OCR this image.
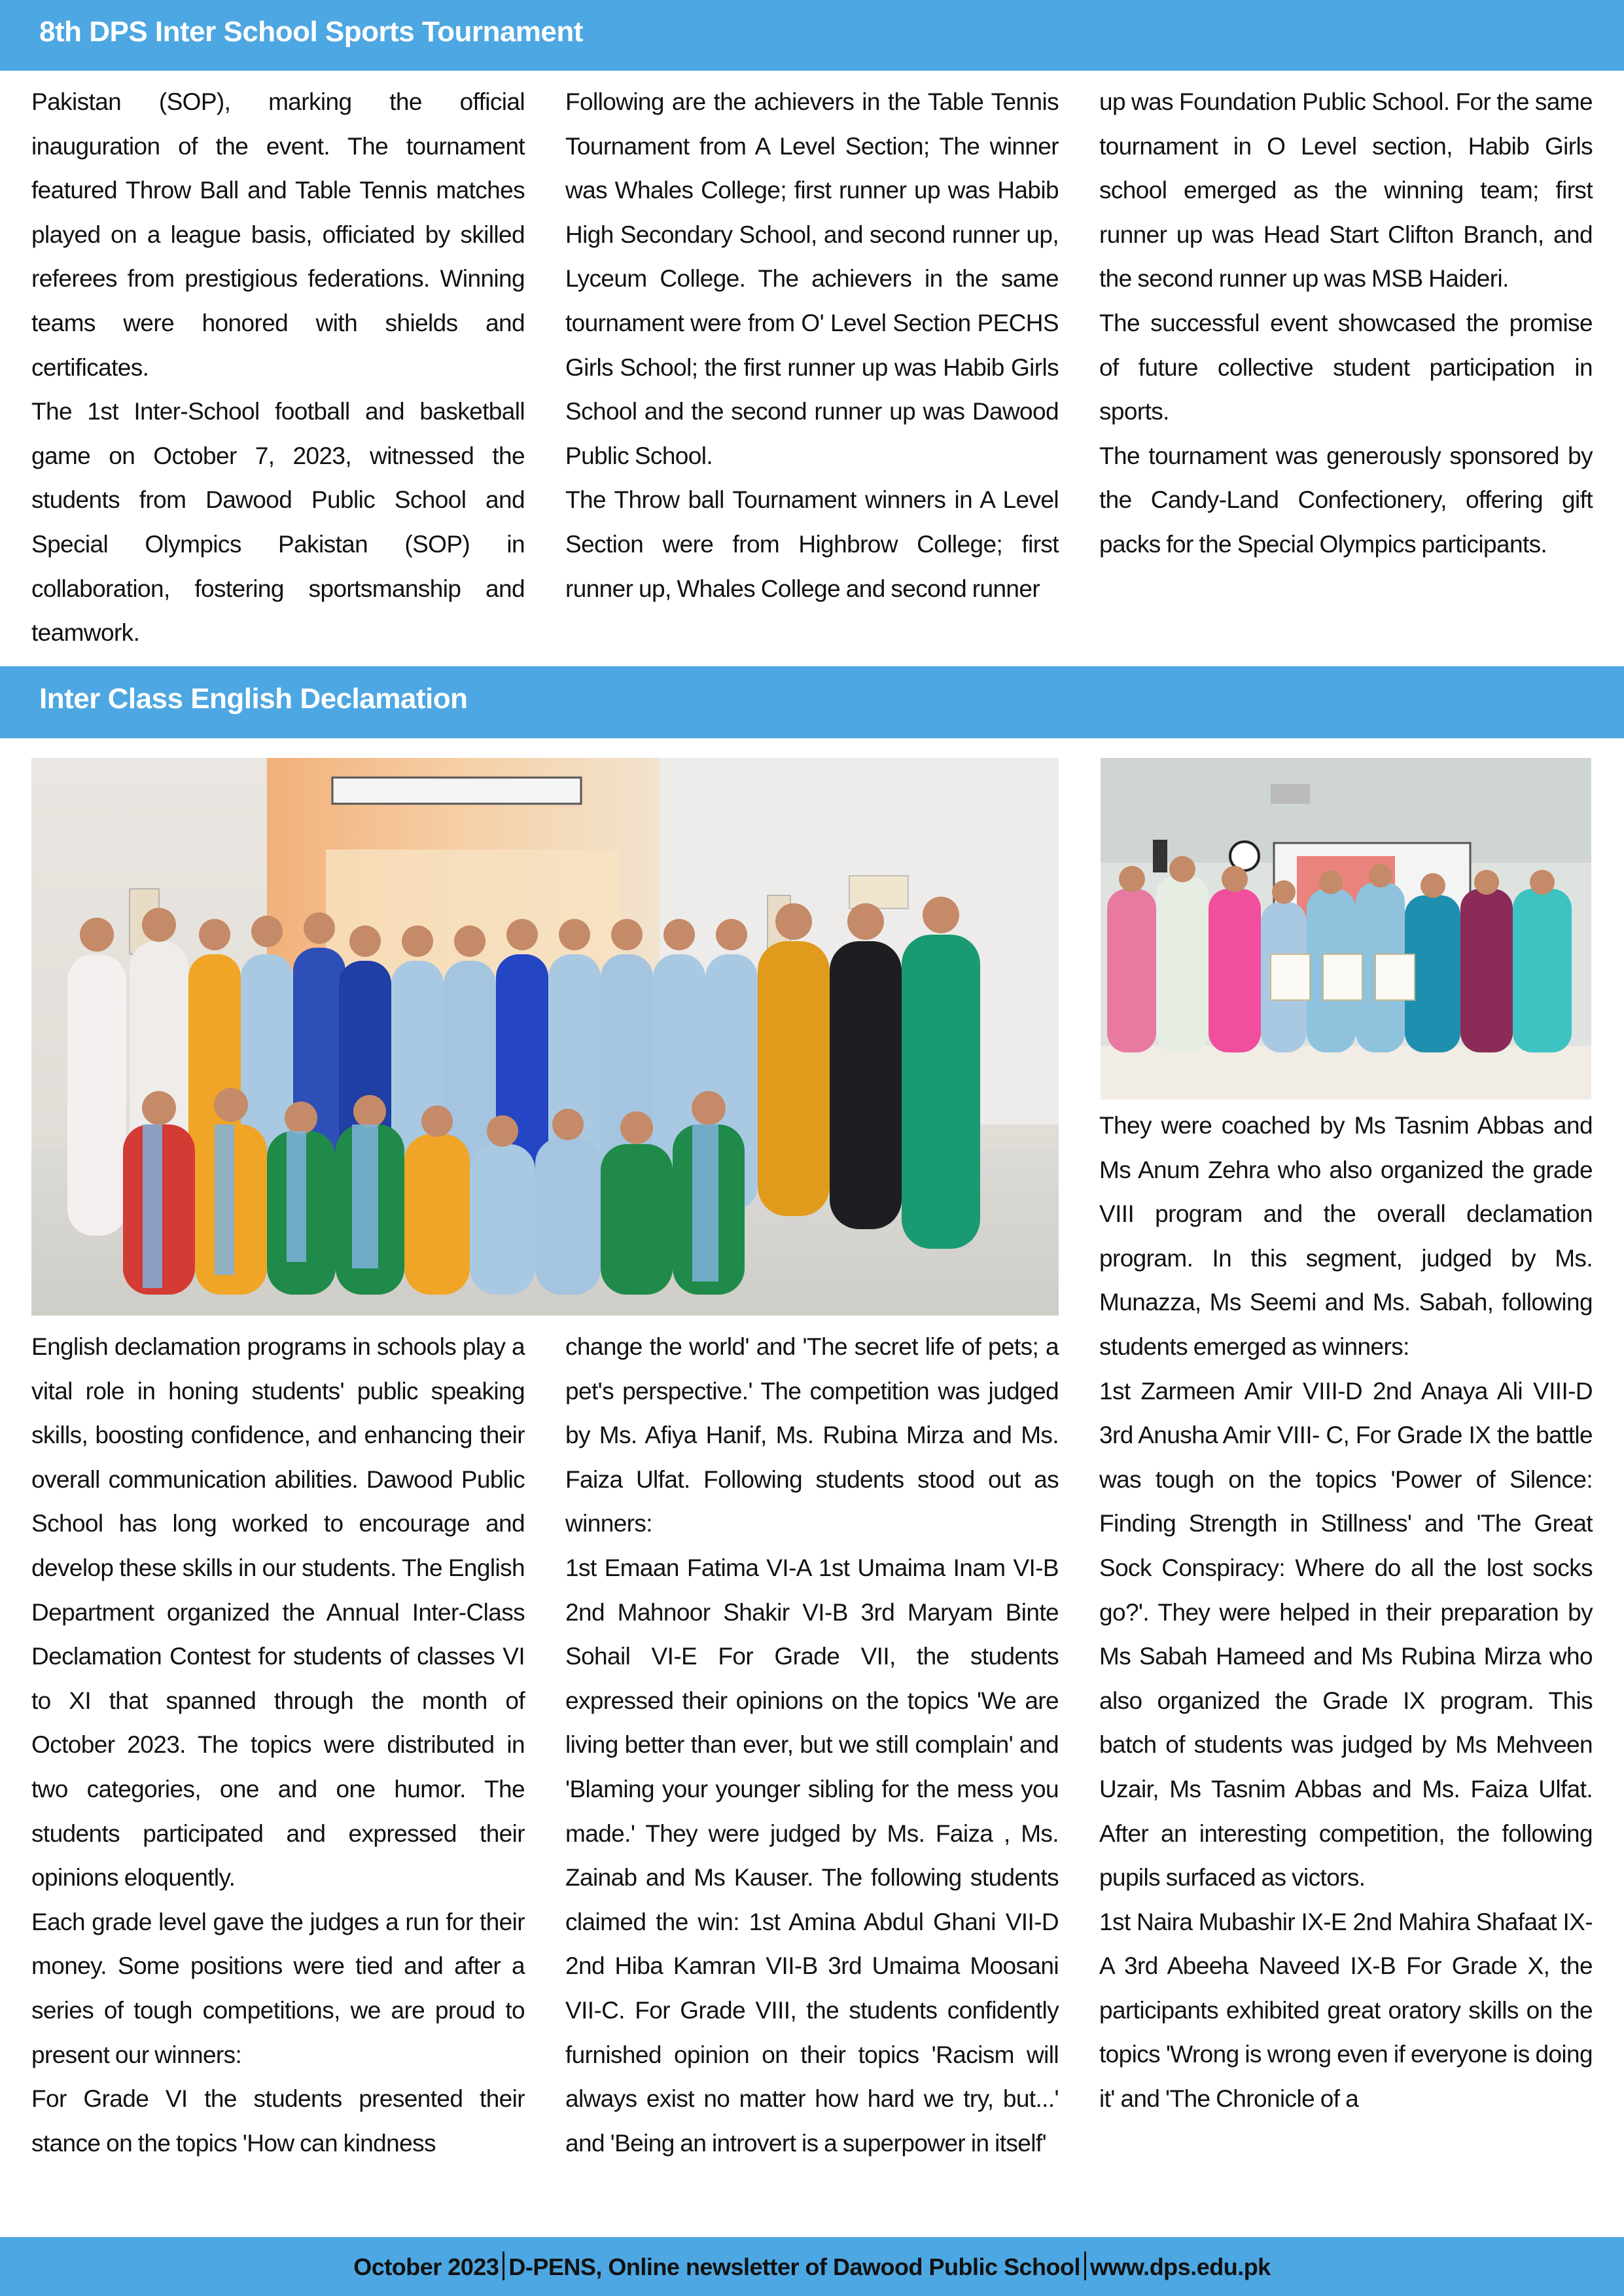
8th DPS Inter School Sports Tournament

Pakistan (SOP), marking the official inauguration of the event. The tournament featured Throw Ball and Table Tennis matches played on a league basis, officiated by skilled referees from prestigious federations. Winning teams were honored with shields and certificates.

The 1st Inter-School football and basketball game on October 7, 2023, witnessed the students from Dawood Public School and Special Olympics Pakistan (SOP) in collaboration, fostering sportsmanship and teamwork.

Following are the achievers in the Table Tennis Tournament from A Level Section; The winner was Whales College; first runner up was Habib High Secondary School, and second runner up, Lyceum College. The achievers in the same tournament were from O' Level Section PECHS Girls School; the first runner up was Habib Girls School and the second runner up was Dawood Public School.

The Throw ball Tournament winners in A Level Section were from Highbrow College; first runner up, Whales College and second runner

up was Foundation Public School. For the same tournament in O Level section, Habib Girls school emerged as the winning team; first runner up was Head Start Clifton Branch, and the second runner up was MSB Haideri.

The successful event showcased the promise of future collective student participation in sports.

The tournament was generously sponsored by the Candy-Land Confectionery, offering gift packs for the Special Olympics participants.

Inter Class English Declamation

English declamation programs in schools play a vital role in honing students' public speaking skills, boosting confidence, and enhancing their overall communication abilities. Dawood Public School has long worked to encourage and develop these skills in our students. The English Department organized the Annual Inter-Class Declamation Contest for students of classes VI to XI that spanned through the month of October 2023. The topics were distributed in two categories, one and one humor. The students participated and expressed their opinions eloquently.

Each grade level gave the judges a run for their money. Some positions were tied and after a series of tough competitions, we are proud to present our winners:

For Grade VI the students presented their stance on the topics 'How can kindness

change the world' and 'The secret life of pets; a pet's perspective.' The competition was judged by Ms. Afiya Hanif, Ms. Rubina Mirza and Ms. Faiza Ulfat. Following students stood out as winners:

1st Emaan Fatima VI-A 1st Umaima Inam VI-B 2nd Mahnoor Shakir VI-B 3rd Maryam Binte Sohail VI-E For Grade VII, the students expressed their opinions on the topics 'We are living better than ever, but we still complain' and 'Blaming your younger sibling for the mess you made.' They were judged by Ms. Faiza , Ms. Zainab and Ms Kauser. The following students claimed the win: 1st Amina Abdul Ghani VII-D 2nd Hiba Kamran VII-B 3rd Umaima Moosani VII-C. For Grade VIII, the students confidently furnished opinion on their topics 'Racism will always exist no matter how hard we try, but...' and 'Being an introvert is a superpower in itself'

They were coached by Ms Tasnim Abbas and Ms Anum Zehra who also organized the grade VIII program and the overall declamation program. In this segment, judged by Ms. Munazza, Ms Seemi and Ms. Sabah, following students emerged as winners:

1st Zarmeen Amir VIII-D 2nd Anaya Ali VIII-D 3rd Anusha Amir VIII- C, For Grade IX the battle was tough on the topics 'Power of Silence: Finding Strength in Stillness' and 'The Great Sock Conspiracy: Where do all the lost socks go?'. They were helped in their preparation by Ms Sabah Hameed and Ms Rubina Mirza who also organized the Grade IX program. This batch of students was judged by Ms Mehveen Uzair, Ms Tasnim Abbas and Ms. Faiza Ulfat. After an interesting competition, the following pupils surfaced as victors.

1st Naira Mubashir IX-E 2nd Mahira Shafaat IX-A 3rd Abeeha Naveed IX-B For Grade X, the participants exhibited great oratory skills on the topics 'Wrong is wrong even if everyone is doing it' and 'The Chronicle of a

October 2023 D-PENS, Online newsletter of Dawood Public School www.dps.edu.pk
